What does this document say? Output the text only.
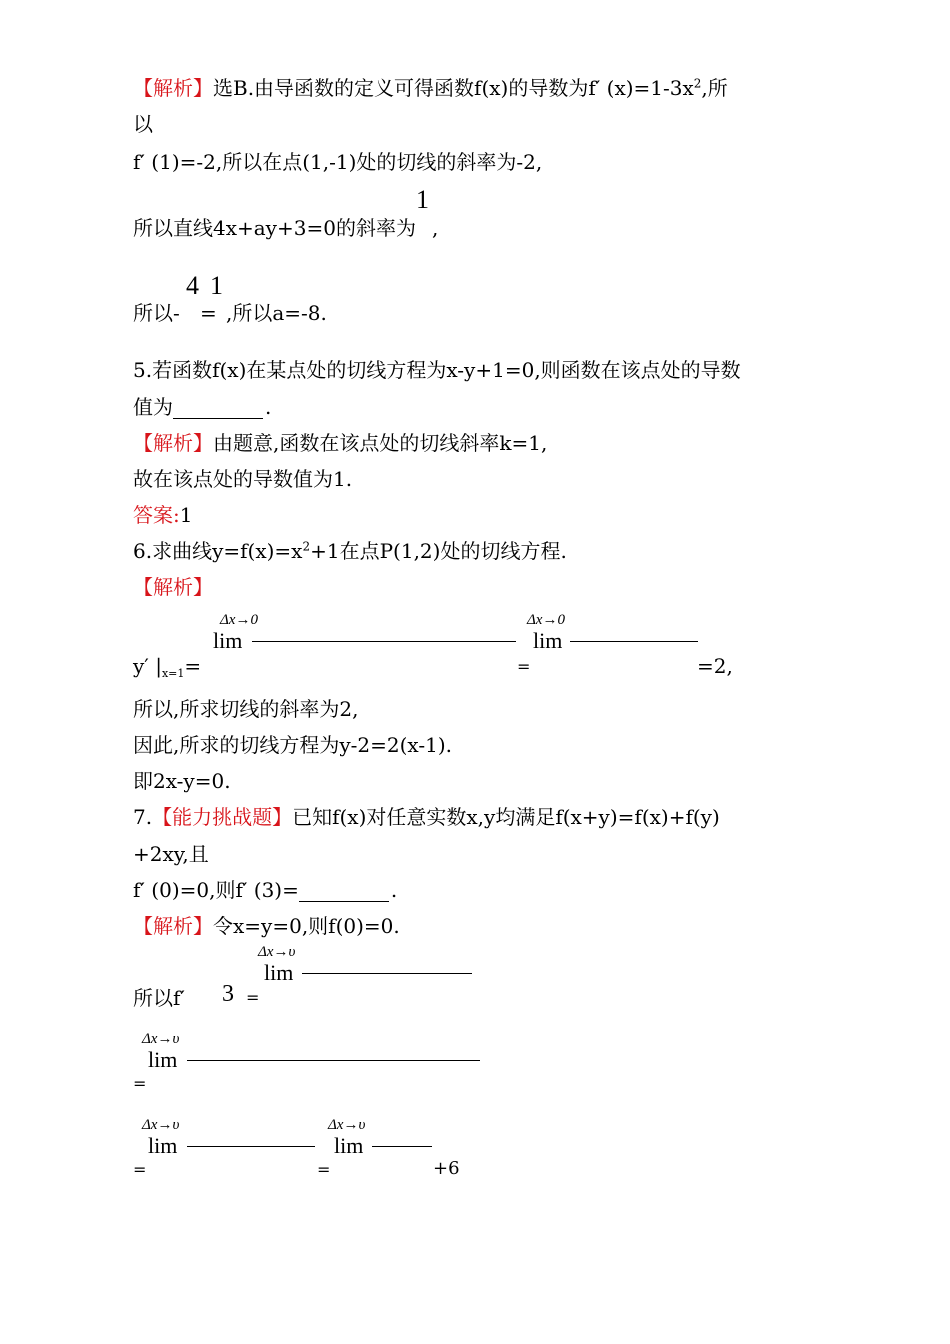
【解析】选B.由导函数的定义可得函数f(x)的导数为f′ $(x)=1-3x^2$,所
以
f′ (1)=-2,所以在点(1,-1)处的切线的斜率为-2,
所以直线4x+ay+3=0的斜率为
1
,
所以-
4 1
= ,所以a=-8.
5.若函数f(x)在某点处的切线方程为x-y+1=0,则函数在该点处的导数
值为	.
【解析】由题意,函数在该点处的切线斜率k=1,
故在该点处的导数值为1.
答案:1
6.求曲线$y=f(x)=x^2+1$在点P(1,2)处的切线方程.
【解析】
Δx→0
lim
y′ $|_{x=1}=$	=
Δx→0
lim
=2,
所以,所求切线的斜率为2,
因此,所求的切线方程为y-2=2(x-1).
即2x-y=0.
7.【能力挑战题】已知f(x)对任意实数x,y均满足f(x+y)=f(x)+f(y)
+2xy,且
f′ (0)=0,则f′ (3)=	.
【解析】令x=y=0,则f(0)=0.
Δx→υ
lim
所以f′ 3 =
Δx→υ
lim
=
Δx→υ
lim
=
Δx→υ
lim
=	+6
